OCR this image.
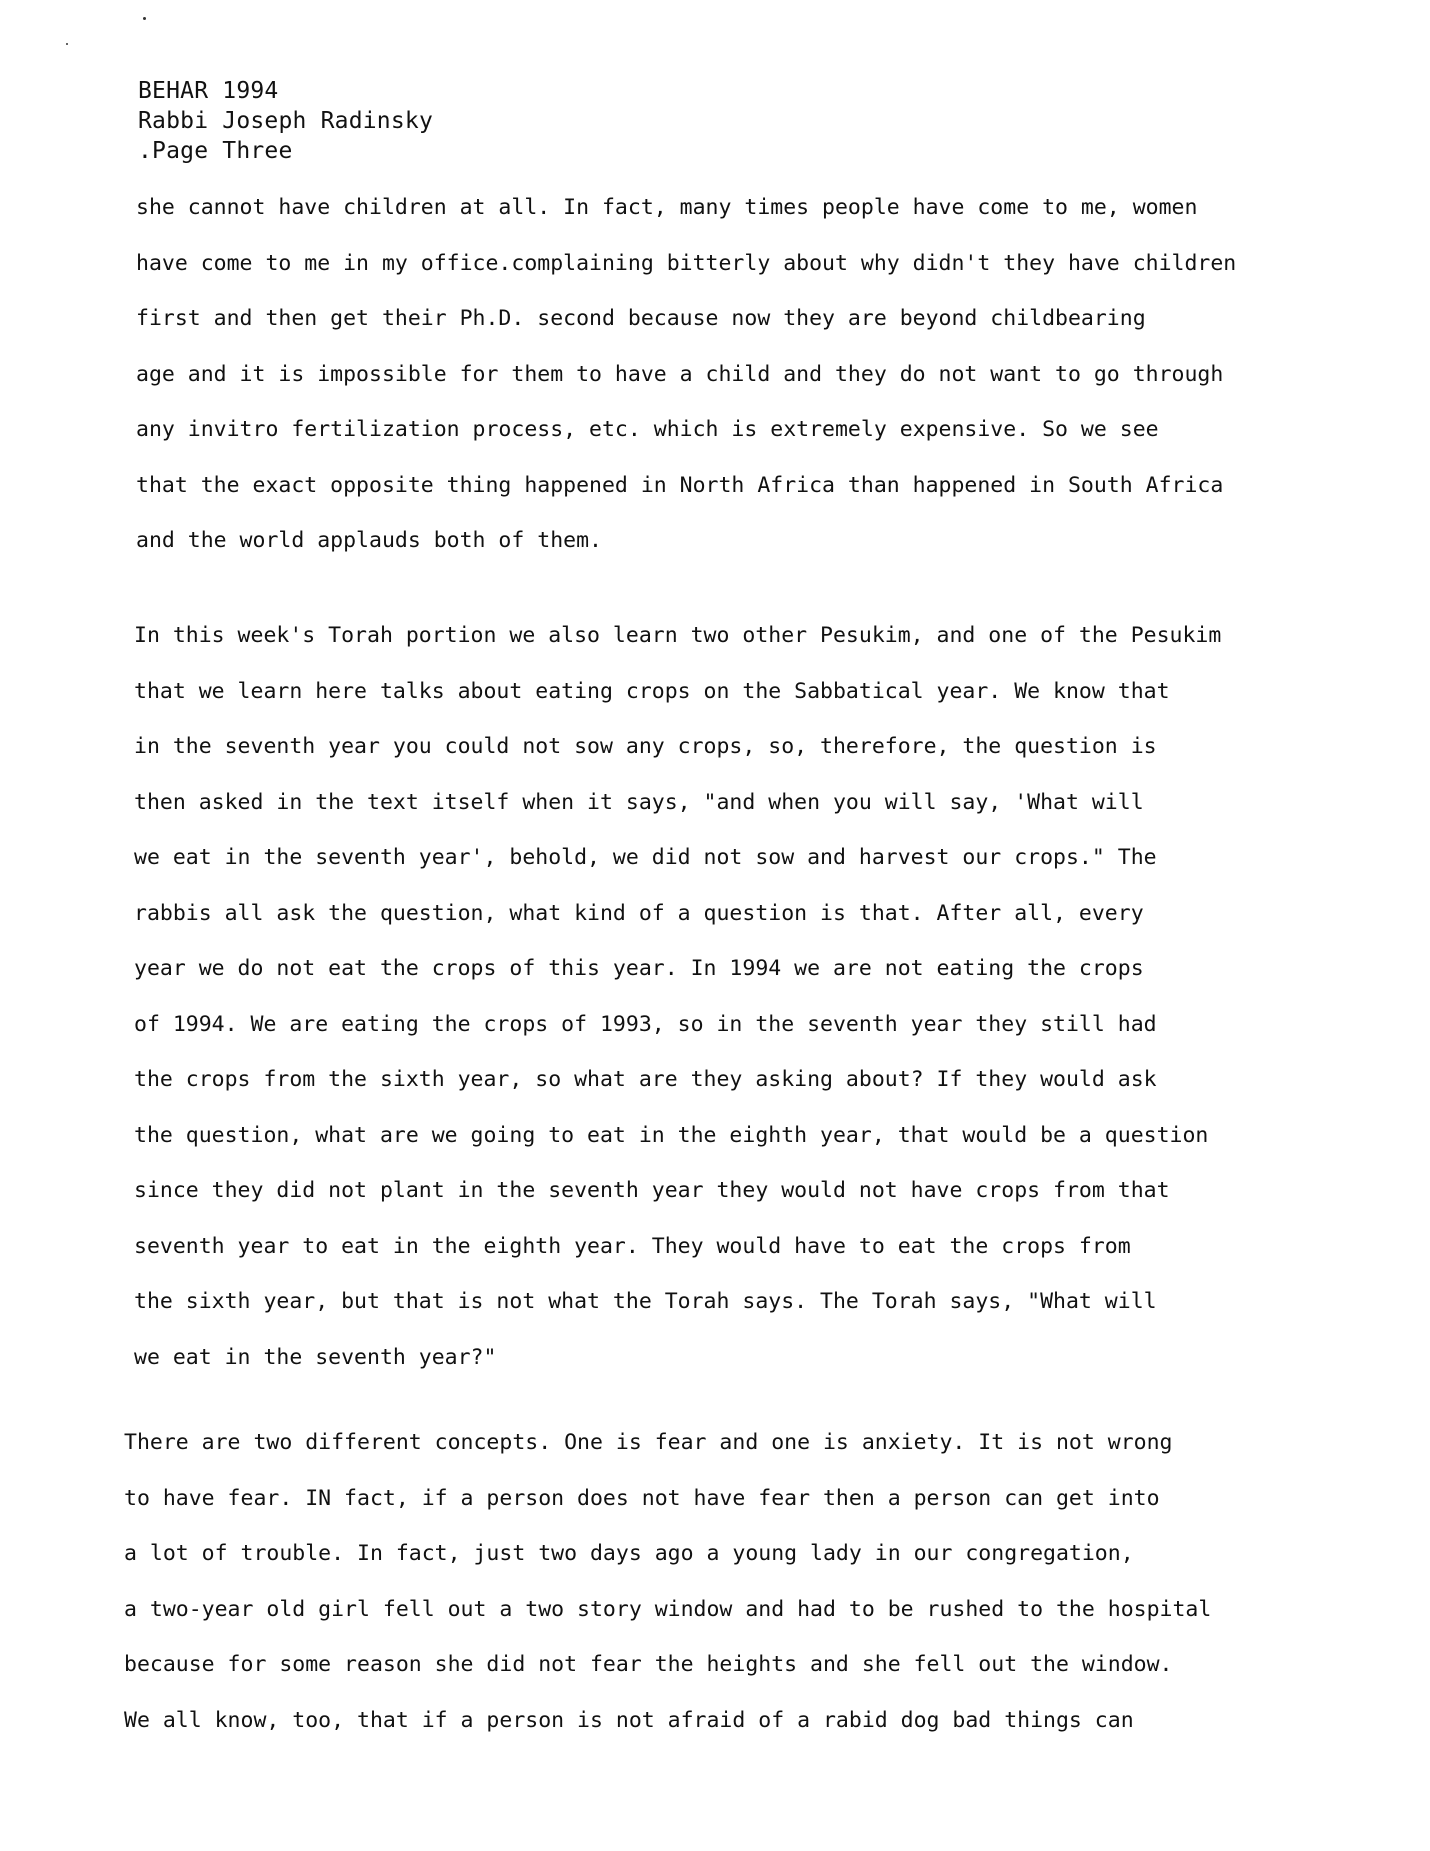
BEHAR 1994
Rabbi Joseph Radinsky
.Page Three
she cannot have children at all. In fact, many times people have come to me, women
have come to me in my office.complaining bitterly about why didn't they have children
first and then get their Ph.D. second because now they are beyond childbearing
age and it is impossible for them to have a child and they do not want to go through
any invitro fertilization process, etc. which is extremely expensive. So we see
that the exact opposite thing happened in North Africa than happened in South Africa
and the world applauds both of them.
In this week's Torah portion we also learn two other Pesukim, and one of the Pesukim
that we learn here talks about eating crops on the Sabbatical year. We know that
in the seventh year you could not sow any crops, so, therefore, the question is
then asked in the text itself when it says, "and when you will say, 'What will
we eat in the seventh year', behold, we did not sow and harvest our crops." The
rabbis all ask the question, what kind of a question is that. After all, every
year we do not eat the crops of this year. In 1994 we are not eating the crops
of 1994. We are eating the crops of 1993, so in the seventh year they still had
the crops from the sixth year, so what are they asking about? If they would ask
the question, what are we going to eat in the eighth year, that would be a question
since they did not plant in the seventh year they would not have crops from that
seventh year to eat in the eighth year. They would have to eat the crops from
the sixth year, but that is not what the Torah says. The Torah says, "What will
we eat in the seventh year?"
There are two different concepts. One is fear and one is anxiety. It is not wrong
to have fear. IN fact, if a person does not have fear then a person can get into
a lot of trouble. In fact, just two days ago a young lady in our congregation,
a two-year old girl fell out a two story window and had to be rushed to the hospital
because for some reason she did not fear the heights and she fell out the window.
We all know, too, that if a person is not afraid of a rabid dog bad things can
